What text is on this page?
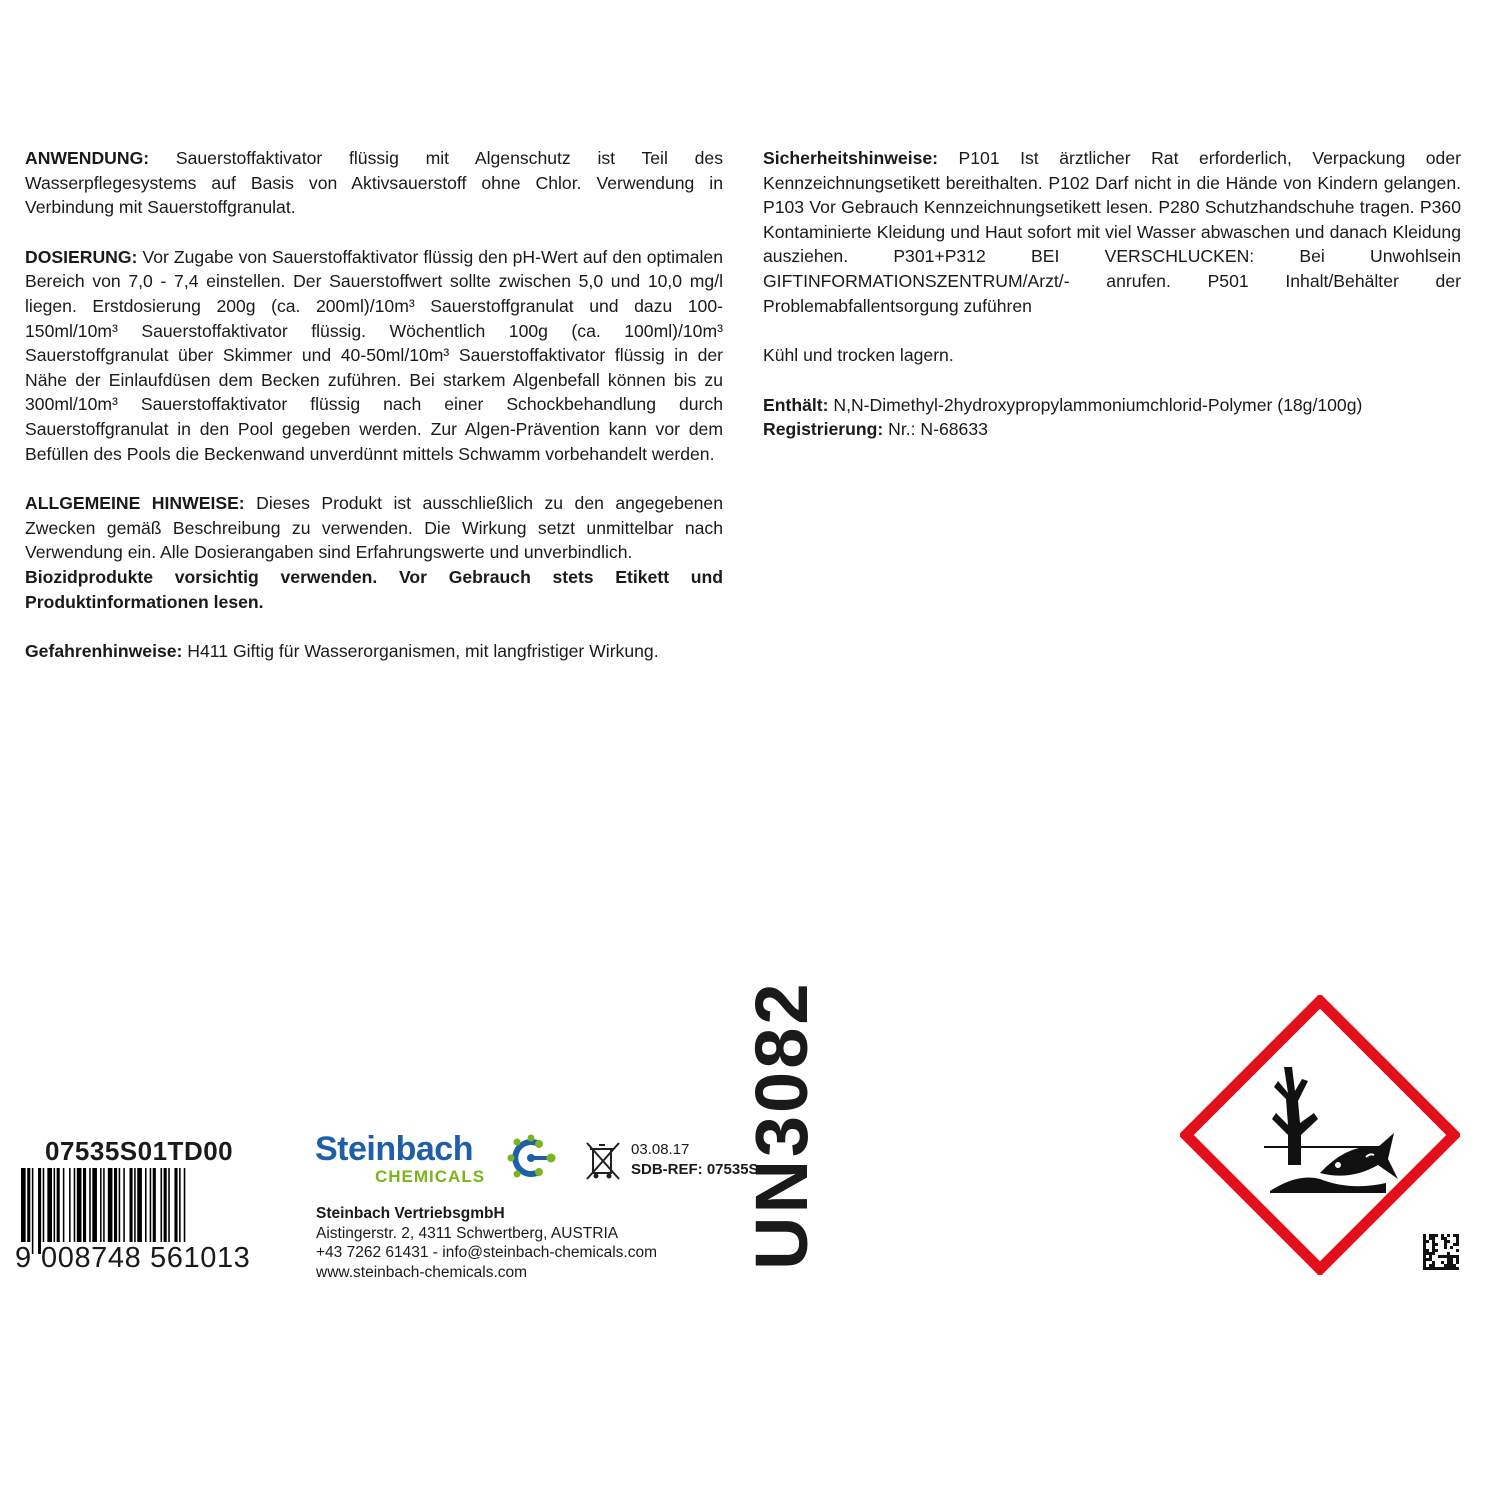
ANWENDUNG: Sauerstoffaktivator flüssig mit Algenschutz ist Teil des Wasserpflegesystems auf Basis von Aktivsauerstoff ohne Chlor. Verwendung in Verbindung mit Sauerstoffgranulat.

DOSIERUNG: Vor Zugabe von Sauerstoffaktivator flüssig den pH-Wert auf den optimalen Bereich von 7,0 - 7,4 einstellen. Der Sauerstoffwert sollte zwischen 5,0 und 10,0 mg/l liegen. Erstdosierung 200g (ca. 200ml)/10m³ Sauerstoffgranulat und dazu 100-150ml/10m³ Sauerstoffaktivator flüssig. Wöchentlich 100g (ca. 100ml)/10m³ Sauerstoffgranulat über Skimmer und 40-50ml/10m³ Sauerstoffaktivator flüssig in der Nähe der Einlaufdüsen dem Becken zuführen. Bei starkem Algenbefall können bis zu 300ml/10m³ Sauerstoffaktivator flüssig nach einer Schockbehandlung durch Sauerstoffgranulat in den Pool gegeben werden. Zur Algen-Prävention kann vor dem Befüllen des Pools die Beckenwand unverdünnt mittels Schwamm vorbehandelt werden.

ALLGEMEINE HINWEISE: Dieses Produkt ist ausschließlich zu den angegebenen Zwecken gemäß Beschreibung zu verwenden. Die Wirkung setzt unmittelbar nach Verwendung ein. Alle Dosierangaben sind Erfahrungswerte und unverbindlich.

Biozidprodukte vorsichtig verwenden. Vor Gebrauch stets Etikett und Produktinformationen lesen.

Gefahrenhinweise: H411 Giftig für Wasserorganismen, mit langfristiger Wirkung.

Sicherheitshinweise: P101 Ist ärztlicher Rat erforderlich, Verpackung oder Kennzeichnungsetikett bereithalten. P102 Darf nicht in die Hände von Kindern gelangen. P103 Vor Gebrauch Kennzeichnungsetikett lesen. P280 Schutzhandschuhe tragen. P360 Kontaminierte Kleidung und Haut sofort mit viel Wasser abwaschen und danach Kleidung ausziehen. P301+P312 BEI VERSCHLUCKEN: Bei Unwohlsein GIFTINFORMATIONSZENTRUM/Arzt/- anrufen. P501 Inhalt/Behälter der Problemabfallentsorgung zuführen

Kühl und trocken lagern.

Enthält: N,N-Dimethyl-2hydroxypropylammoniumchlorid-Polymer (18g/100g)

Registrierung: Nr.: N-68633

07535S01TD00
9 008748 561013
Steinbach
CHEMICALS
03.08.17
SDB-REF: 07535S
Steinbach VertriebsgmbH
Aistingerstr. 2, 4311 Schwertberg, AUSTRIA
+43 7262 61431 - info@steinbach-chemicals.com
www.steinbach-chemicals.com
UN3082
